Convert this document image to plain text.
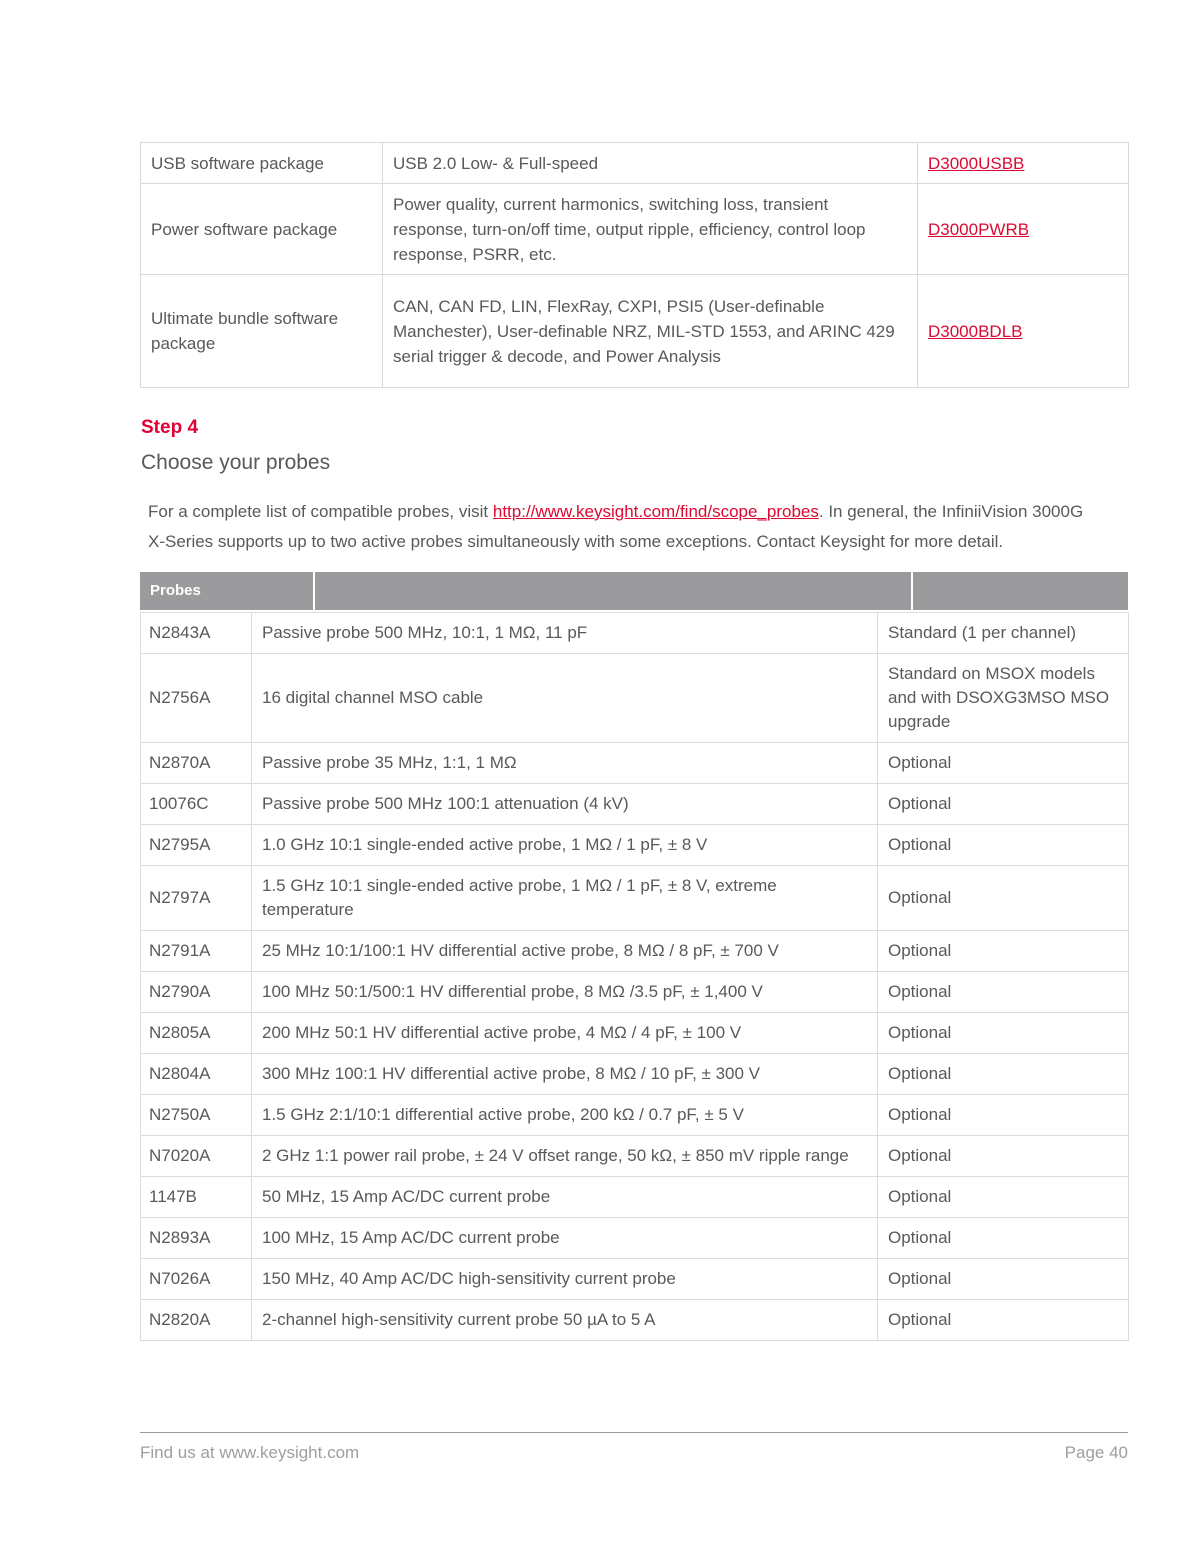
USB software package	USB 2.0 Low- & Full-speed	D3000USBB
Power software package	Power quality, current harmonics, switching loss, transient response, turn-on/off time, output ripple, efficiency, control loop response, PSRR, etc.	D3000PWRB
Ultimate bundle software package	CAN, CAN FD, LIN, FlexRay, CXPI, PSI5 (User-definable Manchester), User-definable NRZ, MIL-STD 1553, and ARINC 429 serial trigger & decode, and Power Analysis	D3000BDLB
Step 4
Choose your probes

For a complete list of compatible probes, visit http://www.keysight.com/find/scope_probes. In general, the InfiniiVision 3000G X-Series supports up to two active probes simultaneously with some exceptions. Contact Keysight for more detail.

Probes
N2843A	Passive probe 500 MHz, 10:1, 1 MΩ, 11 pF	Standard (1 per channel)
N2756A	16 digital channel MSO cable	Standard on MSOX models and with DSOXG3MSO MSO upgrade
N2870A	Passive probe 35 MHz, 1:1, 1 MΩ	Optional
10076C	Passive probe 500 MHz 100:1 attenuation (4 kV)	Optional
N2795A	1.0 GHz 10:1 single-ended active probe, 1 MΩ / 1 pF, ± 8 V	Optional
N2797A	1.5 GHz 10:1 single-ended active probe, 1 MΩ / 1 pF, ± 8 V, extreme temperature	Optional
N2791A	25 MHz 10:1/100:1 HV differential active probe, 8 MΩ / 8 pF, ± 700 V	Optional
N2790A	100 MHz 50:1/500:1 HV differential probe, 8 MΩ /3.5 pF, ± 1,400 V	Optional
N2805A	200 MHz 50:1 HV differential active probe, 4 MΩ / 4 pF, ± 100 V	Optional
N2804A	300 MHz 100:1 HV differential active probe, 8 MΩ / 10 pF, ± 300 V	Optional
N2750A	1.5 GHz 2:1/10:1 differential active probe, 200 kΩ / 0.7 pF, ± 5 V	Optional
N7020A	2 GHz 1:1 power rail probe, ± 24 V offset range, 50 kΩ, ± 850 mV ripple range	Optional
1147B	50 MHz, 15 Amp AC/DC current probe	Optional
N2893A	100 MHz, 15 Amp AC/DC current probe	Optional
N7026A	150 MHz, 40 Amp AC/DC high-sensitivity current probe	Optional
N2820A	2-channel high-sensitivity current probe 50 µA to 5 A	Optional
Find us at www.keysight.com	Page 40
